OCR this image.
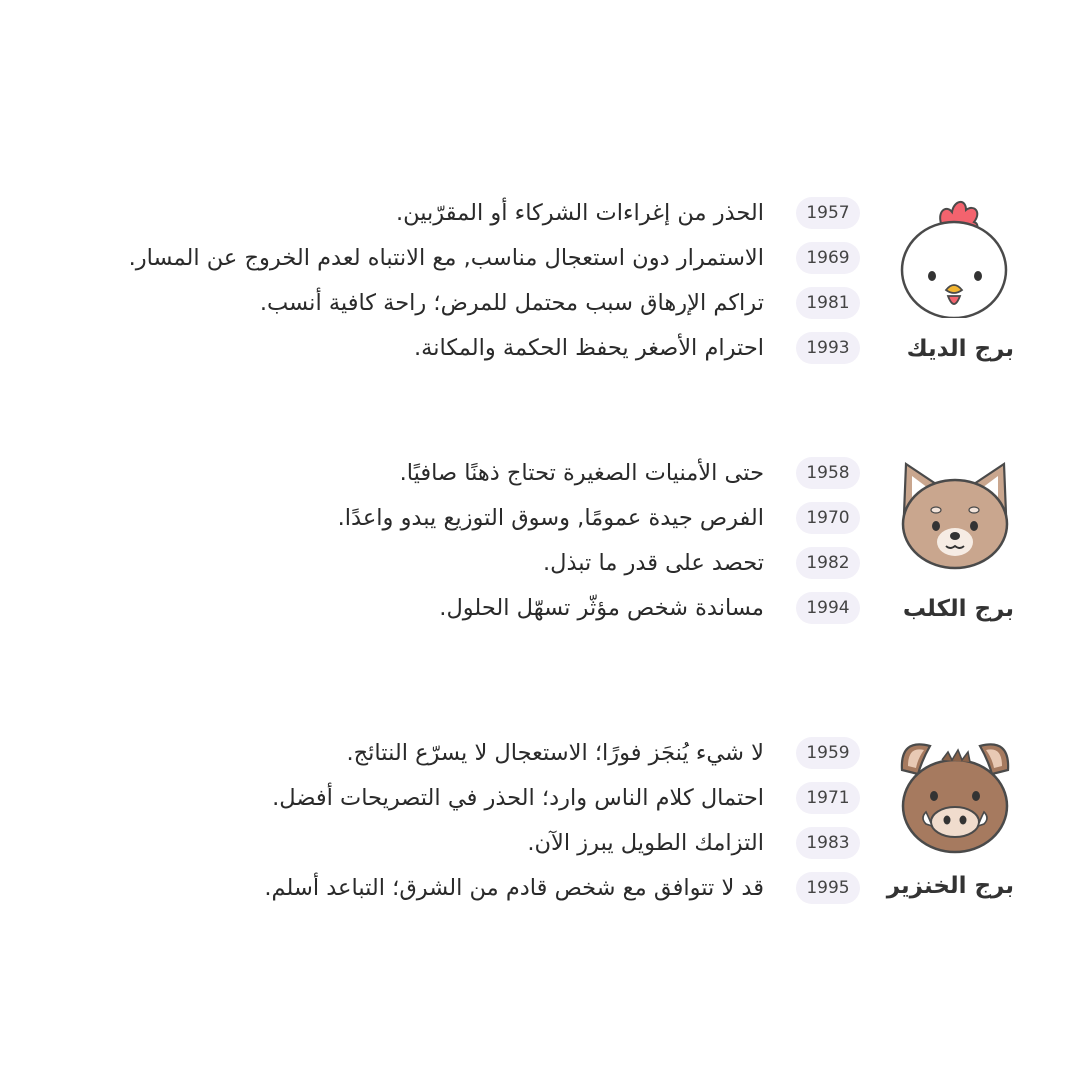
برج الديك
1957
الحذر من إغراءات الشركاء أو المقرّبين.
1969
الاستمرار دون استعجال مناسب, مع الانتباه لعدم الخروج عن المسار.
1981
تراكم الإرهاق سبب محتمل للمرض؛ راحة كافية أنسب.
1993
احترام الأصغر يحفظ الحكمة والمكانة.
برج الكلب
1958
حتى الأمنيات الصغيرة تحتاج ذهنًا صافيًا.
1970
الفرص جيدة عمومًا, وسوق التوزيع يبدو واعدًا.
1982
تحصد على قدر ما تبذل.
1994
مساندة شخص مؤثّر تسهّل الحلول.
برج الخنزير
1959
لا شيء يُنجَز فورًا؛ الاستعجال لا يسرّع النتائج.
1971
احتمال كلام الناس وارد؛ الحذر في التصريحات أفضل.
1983
التزامك الطويل يبرز الآن.
1995
قد لا تتوافق مع شخص قادم من الشرق؛ التباعد أسلم.
